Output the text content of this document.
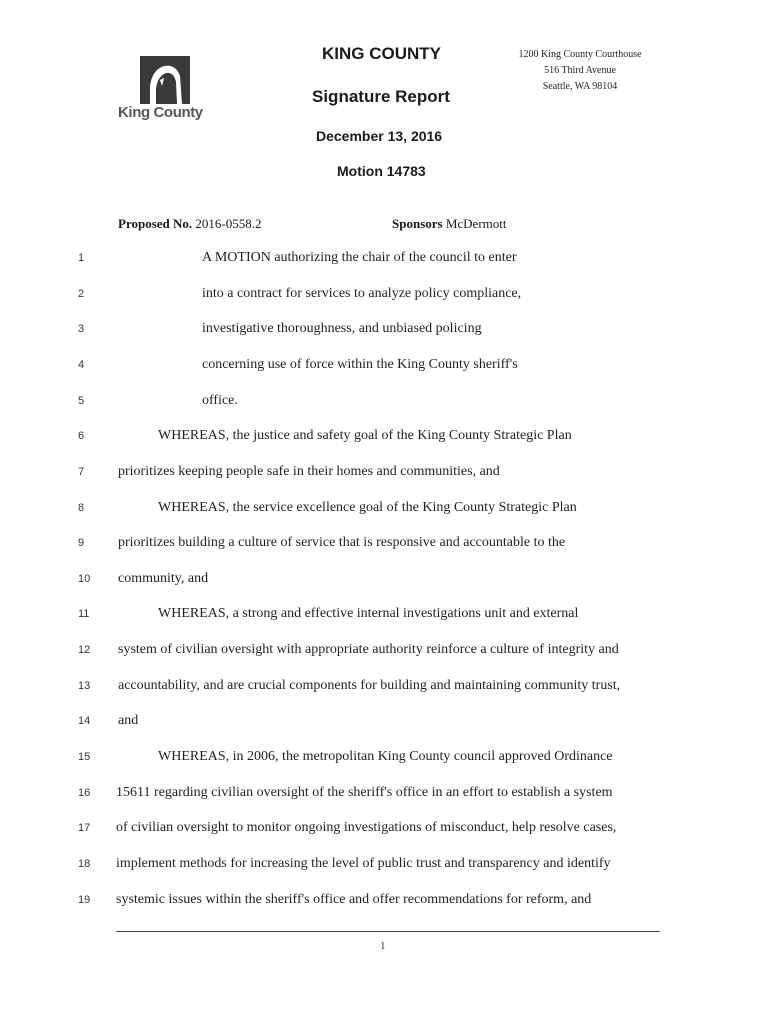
King County
KING COUNTY
Signature Report
December 13, 2016
Motion 14783
1200 King County Courthouse
516 Third Avenue
Seattle, WA 98104
Proposed No. 2016-0558.2	Sponsors McDermott
1	A MOTION authorizing the chair of the council to enter
2	into a contract for services to analyze policy compliance,
3	investigative thoroughness, and unbiased policing
4	concerning use of force within the King County sheriff's
5	office.
6	WHEREAS, the justice and safety goal of the King County Strategic Plan
7	prioritizes keeping people safe in their homes and communities, and
8	WHEREAS, the service excellence goal of the King County Strategic Plan
9	prioritizes building a culture of service that is responsive and accountable to the
10	community, and
11	WHEREAS, a strong and effective internal investigations unit and external
12	system of civilian oversight with appropriate authority reinforce a culture of integrity and
13	accountability, and are crucial components for building and maintaining community trust,
14	and
15	WHEREAS, in 2006, the metropolitan King County council approved Ordinance
16	15611 regarding civilian oversight of the sheriff's office in an effort to establish a system
17	of civilian oversight to monitor ongoing investigations of misconduct, help resolve cases,
18	implement methods for increasing the level of public trust and transparency and identify
19	systemic issues within the sheriff's office and offer recommendations for reform, and
1
